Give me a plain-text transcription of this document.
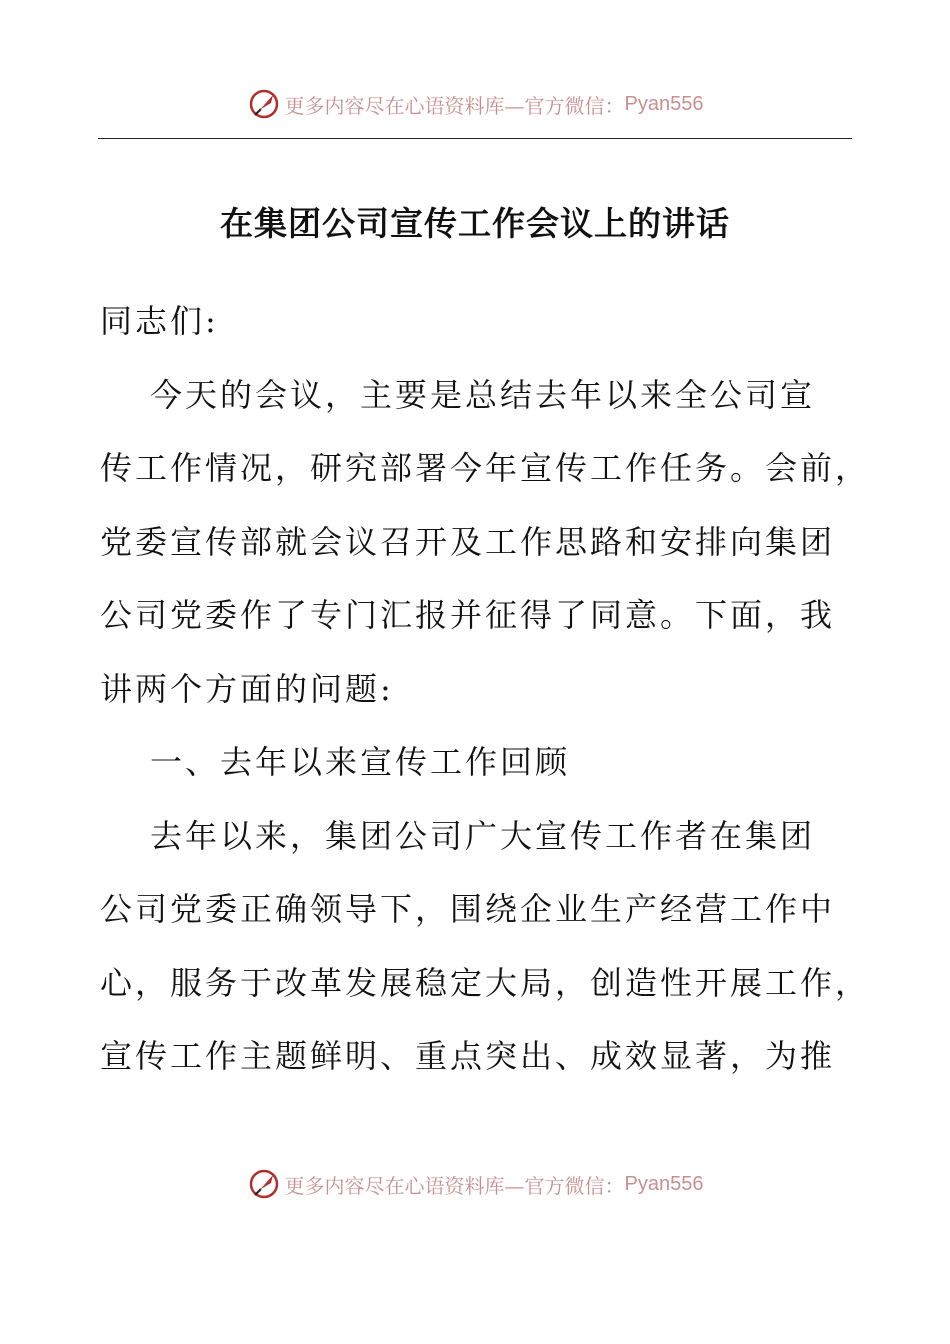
更多内容尽在心语资料库—官方微信： Pyan556
在集团公司宣传工作会议上的讲话
同志们:
今天的会议，主要是总结去年以来全公司宣
传工作情况，研究部署今年宣传工作任务。会前，
党委宣传部就会议召开及工作思路和安排向集团
公司党委作了专门汇报并征得了同意。下面，我
讲两个方面的问题:
一、去年以来宣传工作回顾
去年以来，集团公司广大宣传工作者在集团
公司党委正确领导下，围绕企业生产经营工作中
心，服务于改革发展稳定大局，创造性开展工作，
宣传工作主题鲜明、重点突出、成效显著，为推
更多内容尽在心语资料库—官方微信： Pyan556
